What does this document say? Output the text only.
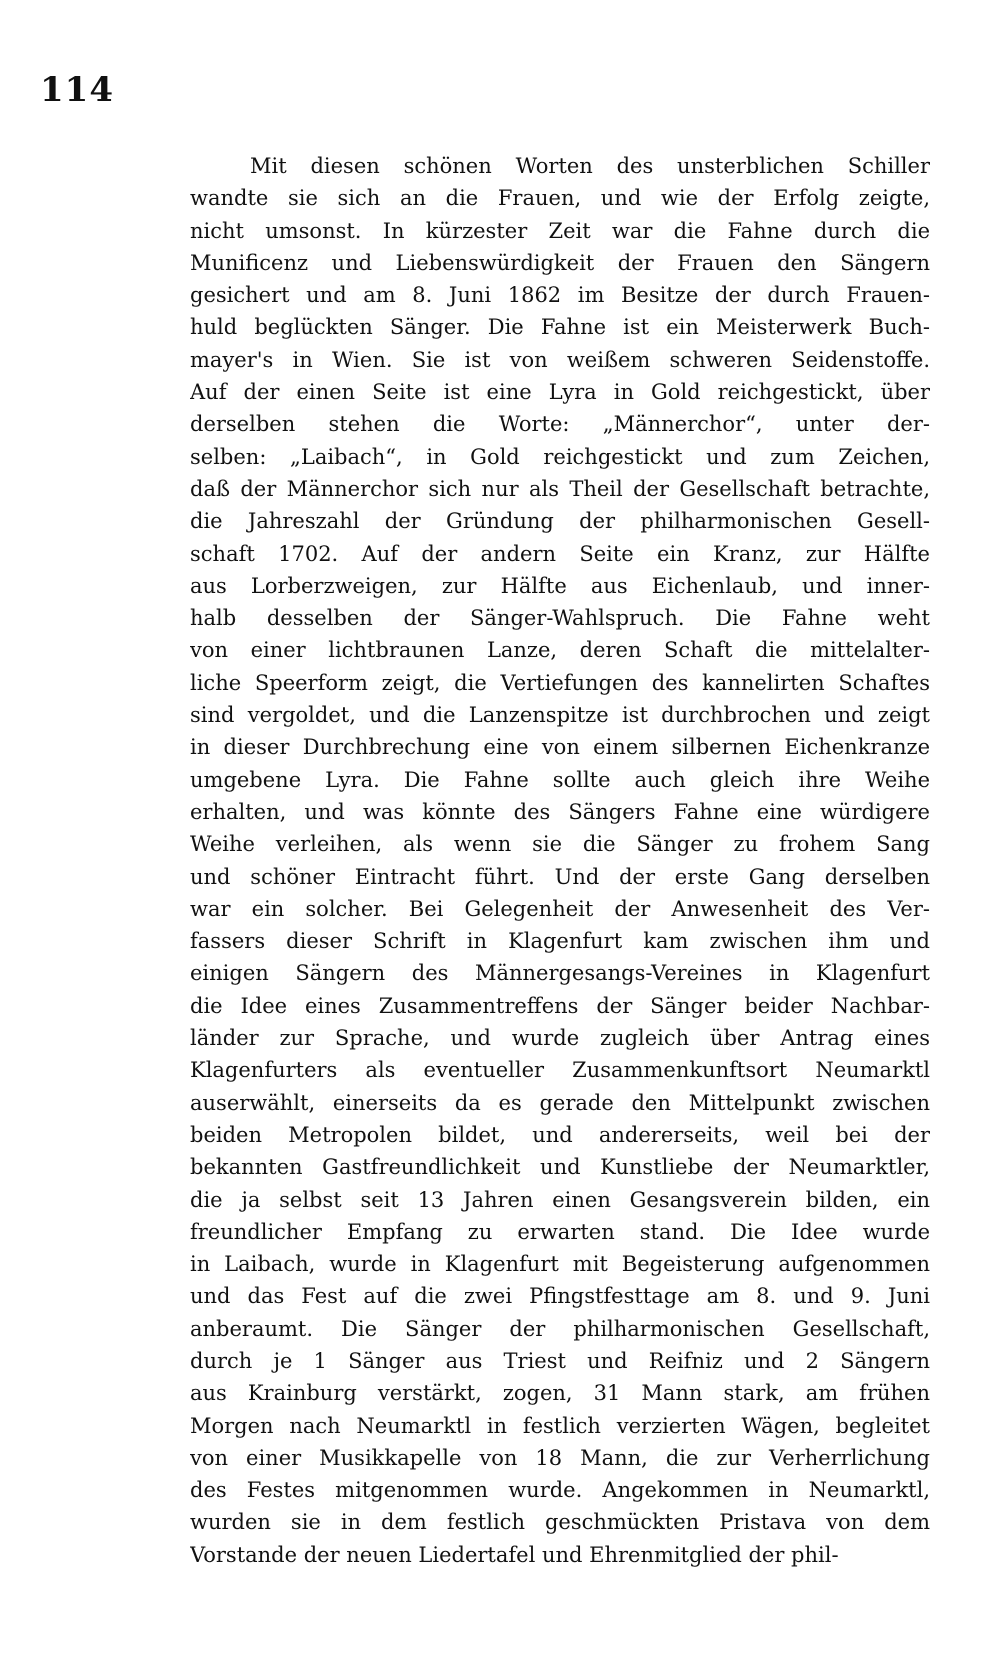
114
Mit diesen schönen Worten des unsterblichen Schiller
wandte sie sich an die Frauen, und wie der Erfolg zeigte,
nicht umsonst. In kürzester Zeit war die Fahne durch die
Munificenz und Liebenswürdigkeit der Frauen den Sängern
gesichert und am 8. Juni 1862 im Besitze der durch Frauen-
huld beglückten Sänger. Die Fahne ist ein Meisterwerk Buch-
mayer's in Wien. Sie ist von weißem schweren Seidenstoffe.
Auf der einen Seite ist eine Lyra in Gold reichgestickt, über
derselben stehen die Worte: „Männerchor“, unter der-
selben: „Laibach“, in Gold reichgestickt und zum Zeichen,
daß der Männerchor sich nur als Theil der Gesellschaft betrachte,
die Jahreszahl der Gründung der philharmonischen Gesell-
schaft 1702. Auf der andern Seite ein Kranz, zur Hälfte
aus Lorberzweigen, zur Hälfte aus Eichenlaub, und inner-
halb desselben der Sänger-Wahlspruch. Die Fahne weht
von einer lichtbraunen Lanze, deren Schaft die mittelalter-
liche Speerform zeigt, die Vertiefungen des kannelirten Schaftes
sind vergoldet, und die Lanzenspitze ist durchbrochen und zeigt
in dieser Durchbrechung eine von einem silbernen Eichenkranze
umgebene Lyra. Die Fahne sollte auch gleich ihre Weihe
erhalten, und was könnte des Sängers Fahne eine würdigere
Weihe verleihen, als wenn sie die Sänger zu frohem Sang
und schöner Eintracht führt. Und der erste Gang derselben
war ein solcher. Bei Gelegenheit der Anwesenheit des Ver-
fassers dieser Schrift in Klagenfurt kam zwischen ihm und
einigen Sängern des Männergesangs-Vereines in Klagenfurt
die Idee eines Zusammentreffens der Sänger beider Nachbar-
länder zur Sprache, und wurde zugleich über Antrag eines
Klagenfurters als eventueller Zusammenkunftsort Neumarktl
auserwählt, einerseits da es gerade den Mittelpunkt zwischen
beiden Metropolen bildet, und andererseits, weil bei der
bekannten Gastfreundlichkeit und Kunstliebe der Neumarktler,
die ja selbst seit 13 Jahren einen Gesangsverein bilden, ein
freundlicher Empfang zu erwarten stand. Die Idee wurde
in Laibach, wurde in Klagenfurt mit Begeisterung aufgenommen
und das Fest auf die zwei Pfingstfesttage am 8. und 9. Juni
anberaumt. Die Sänger der philharmonischen Gesellschaft,
durch je 1 Sänger aus Triest und Reifniz und 2 Sängern
aus Krainburg verstärkt, zogen, 31 Mann stark, am frühen
Morgen nach Neumarktl in festlich verzierten Wägen, begleitet
von einer Musikkapelle von 18 Mann, die zur Verherrlichung
des Festes mitgenommen wurde. Angekommen in Neumarktl,
wurden sie in dem festlich geschmückten Pristava von dem
Vorstande der neuen Liedertafel und Ehrenmitglied der phil-
